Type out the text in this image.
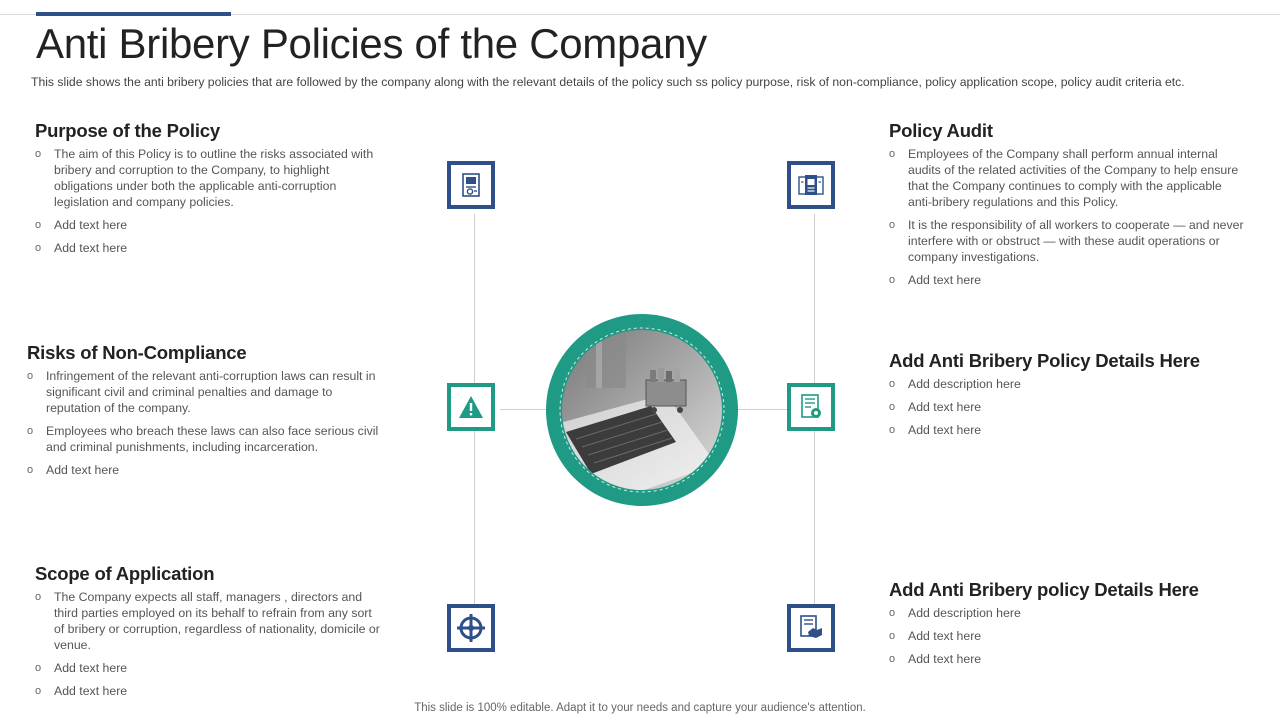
Anti Bribery Policies of the Company

This slide shows the anti bribery policies that are followed by the company along with the relevant details of the policy such ss policy purpose, risk of non-compliance, policy application scope, policy audit criteria etc.

Purpose of the Policy
o The aim of this Policy is to outline the risks associated with bribery and corruption to the Company, to highlight obligations under both the applicable anti-corruption legislation and company policies.
o Add text here
o Add text here
Risks of Non-Compliance
o Infringement of the relevant anti-corruption laws can result in significant civil and criminal penalties and damage to reputation of the company.
o Employees who breach these laws can also face serious civil and criminal punishments, including incarceration.
o Add text here
Scope of Application
o The Company expects all staff, managers , directors and third parties employed on its behalf to refrain from any sort of bribery or corruption, regardless of nationality, domicile or venue.
o Add text here
o Add text here
Policy Audit
o Employees of the Company shall perform annual internal audits of the related activities of the Company to help ensure that the Company continues to comply with the applicable anti-bribery regulations and this Policy.
o It is the responsibility of all workers to cooperate — and never interfere with or obstruct — with these audit operations or company investigations.
o Add text here
Add Anti Bribery Policy Details Here
o Add description here
o Add text here
o Add text here
Add Anti Bribery policy Details Here
o Add description here
o Add text here
o Add text here
This slide is 100% editable. Adapt it to your needs and capture your audience's attention.
